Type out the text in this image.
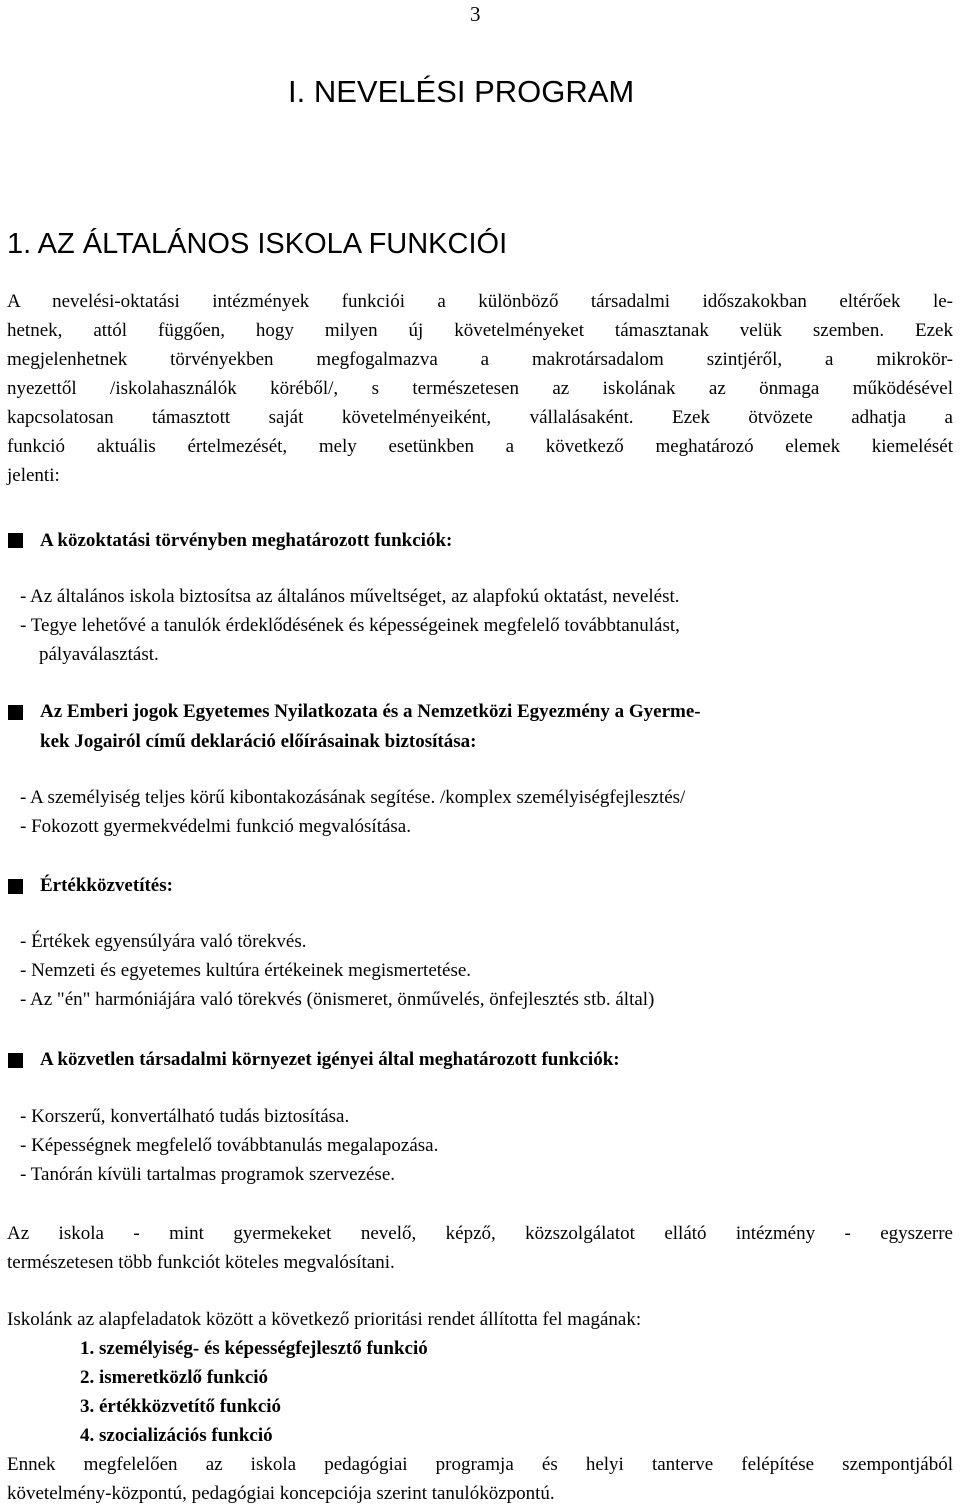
3
I. NEVELÉSI PROGRAM
1. AZ ÁLTALÁNOS ISKOLA FUNKCIÓI
A nevelési-oktatási intézmények funkciói a különböző társadalmi időszakokban eltérőek le-
hetnek, attól függően, hogy milyen új követelményeket támasztanak velük szemben. Ezek
megjelenhetnek törvényekben megfogalmazva a makrotársadalom szintjéről, a mikrokör-
nyezettől /iskolahasználók köréből/, s természetesen az iskolának az önmaga működésével
kapcsolatosan támasztott saját követelményeiként, vállalásaként. Ezek ötvözete adhatja a
funkció aktuális értelmezését, mely esetünkben a következő meghatározó elemek kiemelését
jelenti:
A közoktatási törvényben meghatározott funkciók:
- Az általános iskola biztosítsa az általános műveltséget, az alapfokú oktatást, nevelést.
- Tegye lehetővé a tanulók érdeklődésének és képességeinek megfelelő továbbtanulást,
pályaválasztást.
Az Emberi jogok Egyetemes Nyilatkozata és a Nemzetközi Egyezmény a Gyerme-
kek Jogairól című deklaráció előírásainak biztosítása:
- A személyiség teljes körű kibontakozásának segítése. /komplex személyiségfejlesztés/
- Fokozott gyermekvédelmi funkció megvalósítása.
Értékközvetítés:
- Értékek egyensúlyára való törekvés.
- Nemzeti és egyetemes kultúra értékeinek megismertetése.
- Az "én" harmóniájára való törekvés (önismeret, önművelés, önfejlesztés stb. által)
A közvetlen társadalmi környezet igényei által meghatározott funkciók:
- Korszerű, konvertálható tudás biztosítása.
- Képességnek megfelelő továbbtanulás megalapozása.
- Tanórán kívüli tartalmas programok szervezése.
Az iskola - mint gyermekeket nevelő, képző, közszolgálatot ellátó intézmény - egyszerre
természetesen több funkciót köteles megvalósítani.
Iskolánk az alapfeladatok között a következő prioritási rendet állította fel magának:
1. személyiség- és képességfejlesztő funkció
2. ismeretközlő funkció
3. értékközvetítő funkció
4. szocializációs funkció
Ennek megfelelően az iskola pedagógiai programja és helyi tanterve felépítése szempontjából
követelmény-központú, pedagógiai koncepciója szerint tanulóközpontú.
